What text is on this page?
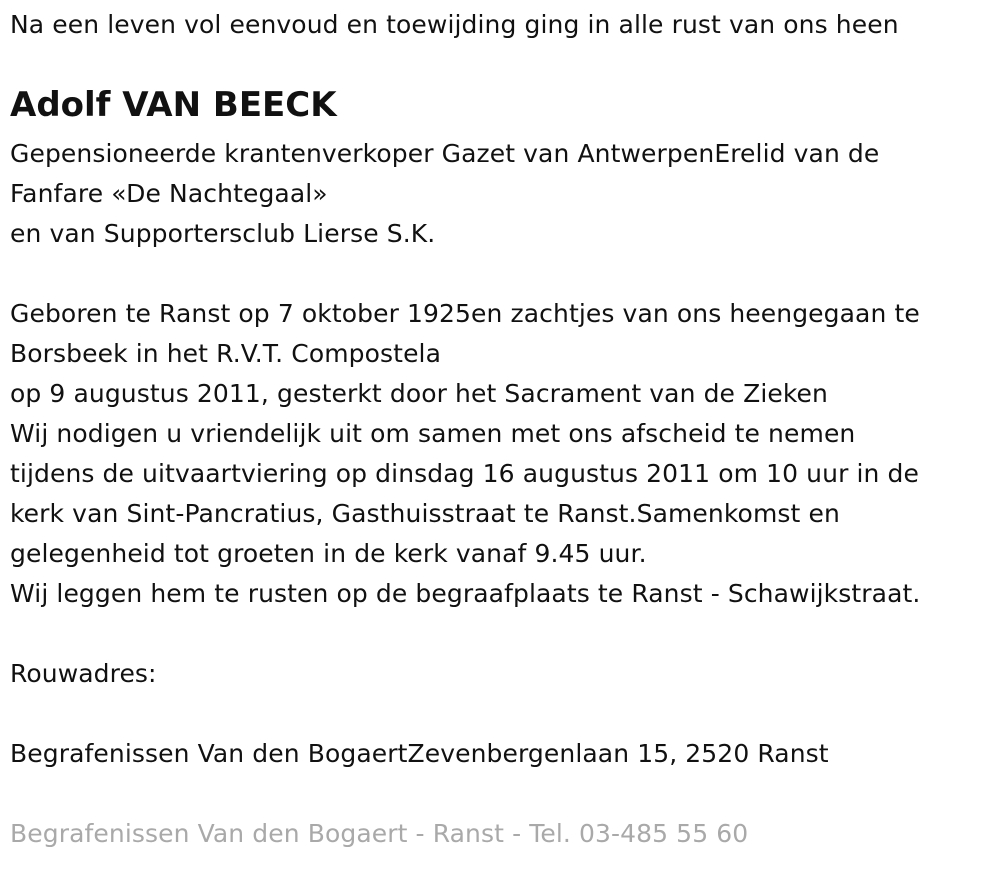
Na een leven vol eenvoud en toewijding ging in alle rust van ons heen
Adolf VAN BEECK
Gepensioneerde krantenverkoper Gazet van AntwerpenErelid van de
Fanfare «De Nachtegaal»
en van Supportersclub Lierse S.K.
Geboren te Ranst op 7 oktober 1925en zachtjes van ons heengegaan te
Borsbeek in het R.V.T. Compostela
op 9 augustus 2011, gesterkt door het Sacrament van de Zieken
Wij nodigen u vriendelijk uit om samen met ons afscheid te nemen
tijdens de uitvaartviering op dinsdag 16 augustus 2011 om 10 uur in de
kerk van Sint-Pancratius, Gasthuisstraat te Ranst.Samenkomst en
gelegenheid tot groeten in de kerk vanaf 9.45 uur.
Wij leggen hem te rusten op de begraafplaats te Ranst - Schawijkstraat.
Rouwadres:
Begrafenissen Van den BogaertZevenbergenlaan 15, 2520 Ranst
Begrafenissen Van den Bogaert - Ranst - Tel. 03-485 55 60
